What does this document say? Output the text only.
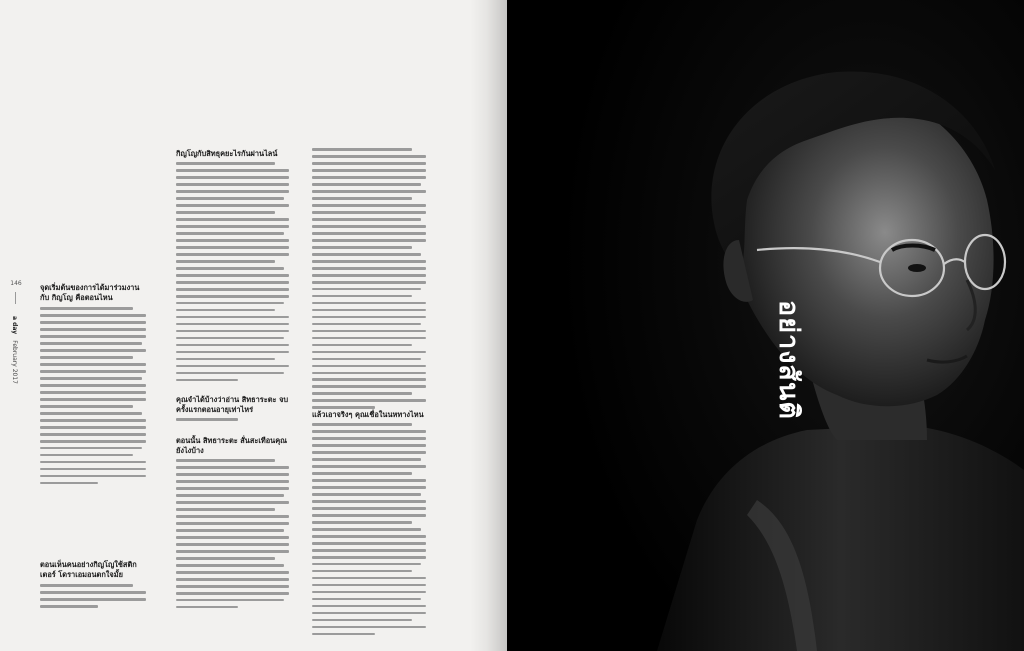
146
a dayFebruary 2017

จุดเริ่มต้นของการได้มาร่วมงานกับ กิญโญ คือตอนไหน

ตอนเห็นคนอย่างกิญโญใช้สติกเตอร์ โดราเอมอนตกใจมั้ย

กิญโญกับสิทธุคยะไรกันผ่านไลน์

คุณจำได้บ้างว่าอ่าน สิทธาระตะ จบ ครั้งแรกตอนอายุเท่าไหร่

ตอนนั้น สิทธาระตะ สั่นสะเทือนคุณ ยังไงบ้าง

แล้วเอาจริงๆ คุณเชื่อในนหทางไหน	อย่างสันติ
